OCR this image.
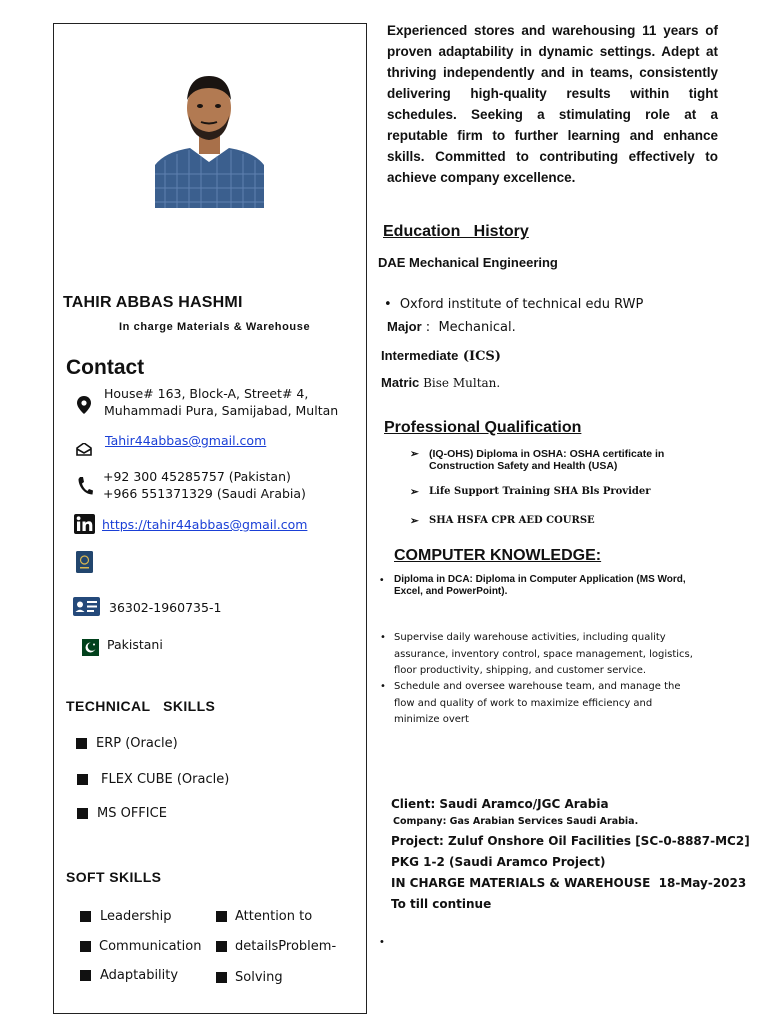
TAHIR ABBAS HASHMI
In charge Materials & Warehouse
Contact
House# 163, Block-A, Street# 4,
Muhammadi Pura, Samijabad, Multan
Tahir44abbas@gmail.com
+92 300 45285757 (Pakistan)
+966 551371329 (Saudi Arabia)
https://tahir44abbas@gmail.com
36302-1960735-1
Pakistani
TECHNICAL   SKILLS
ERP (Oracle)
FLEX CUBE (Oracle)
MS OFFICE
SOFT SKILLS
Leadership
Communication
Adaptability
Attention to
detailsProblem-
Solving
Experienced stores and warehousing 11 years of proven adaptability in dynamic settings. Adept at thriving independently and in teams, consistently delivering high-quality results within tight schedules. Seeking a stimulating role at a reputable firm to further learning and enhance skills. Committed to contributing effectively to achieve company excellence.
Education   History
DAE Mechanical Engineering
• Oxford institute of technical edu RWP
Major :  Mechanical.
Intermediate (ICS)
Matric Bise Multan.
Professional Qualification
➢ (IQ-OHS) Diploma in OSHA: OSHA certificate in Construction Safety and Health (USA)
➢ Life Support Training SHA Bls Provider
➢ SHA HSFA CPR AED COURSE
COMPUTER KNOWLEDGE:
• Diploma in DCA: Diploma in Computer Application (MS Word, Excel, and PowerPoint).
• Supervise daily warehouse activities, including quality assurance, inventory control, space management, logistics, floor productivity, shipping, and customer service.
• Schedule and oversee warehouse team, and manage the flow and quality of work to maximize efficiency and minimize overt
Client: Saudi Aramco/JGC Arabia
Company: Gas Arabian Services Saudi Arabia.
Project: Zuluf Onshore Oil Facilities [SC-0-8887-MC2]
PKG 1-2 (Saudi Aramco Project)
IN CHARGE MATERIALS & WAREHOUSE  18-May-2023
To till continue
•
